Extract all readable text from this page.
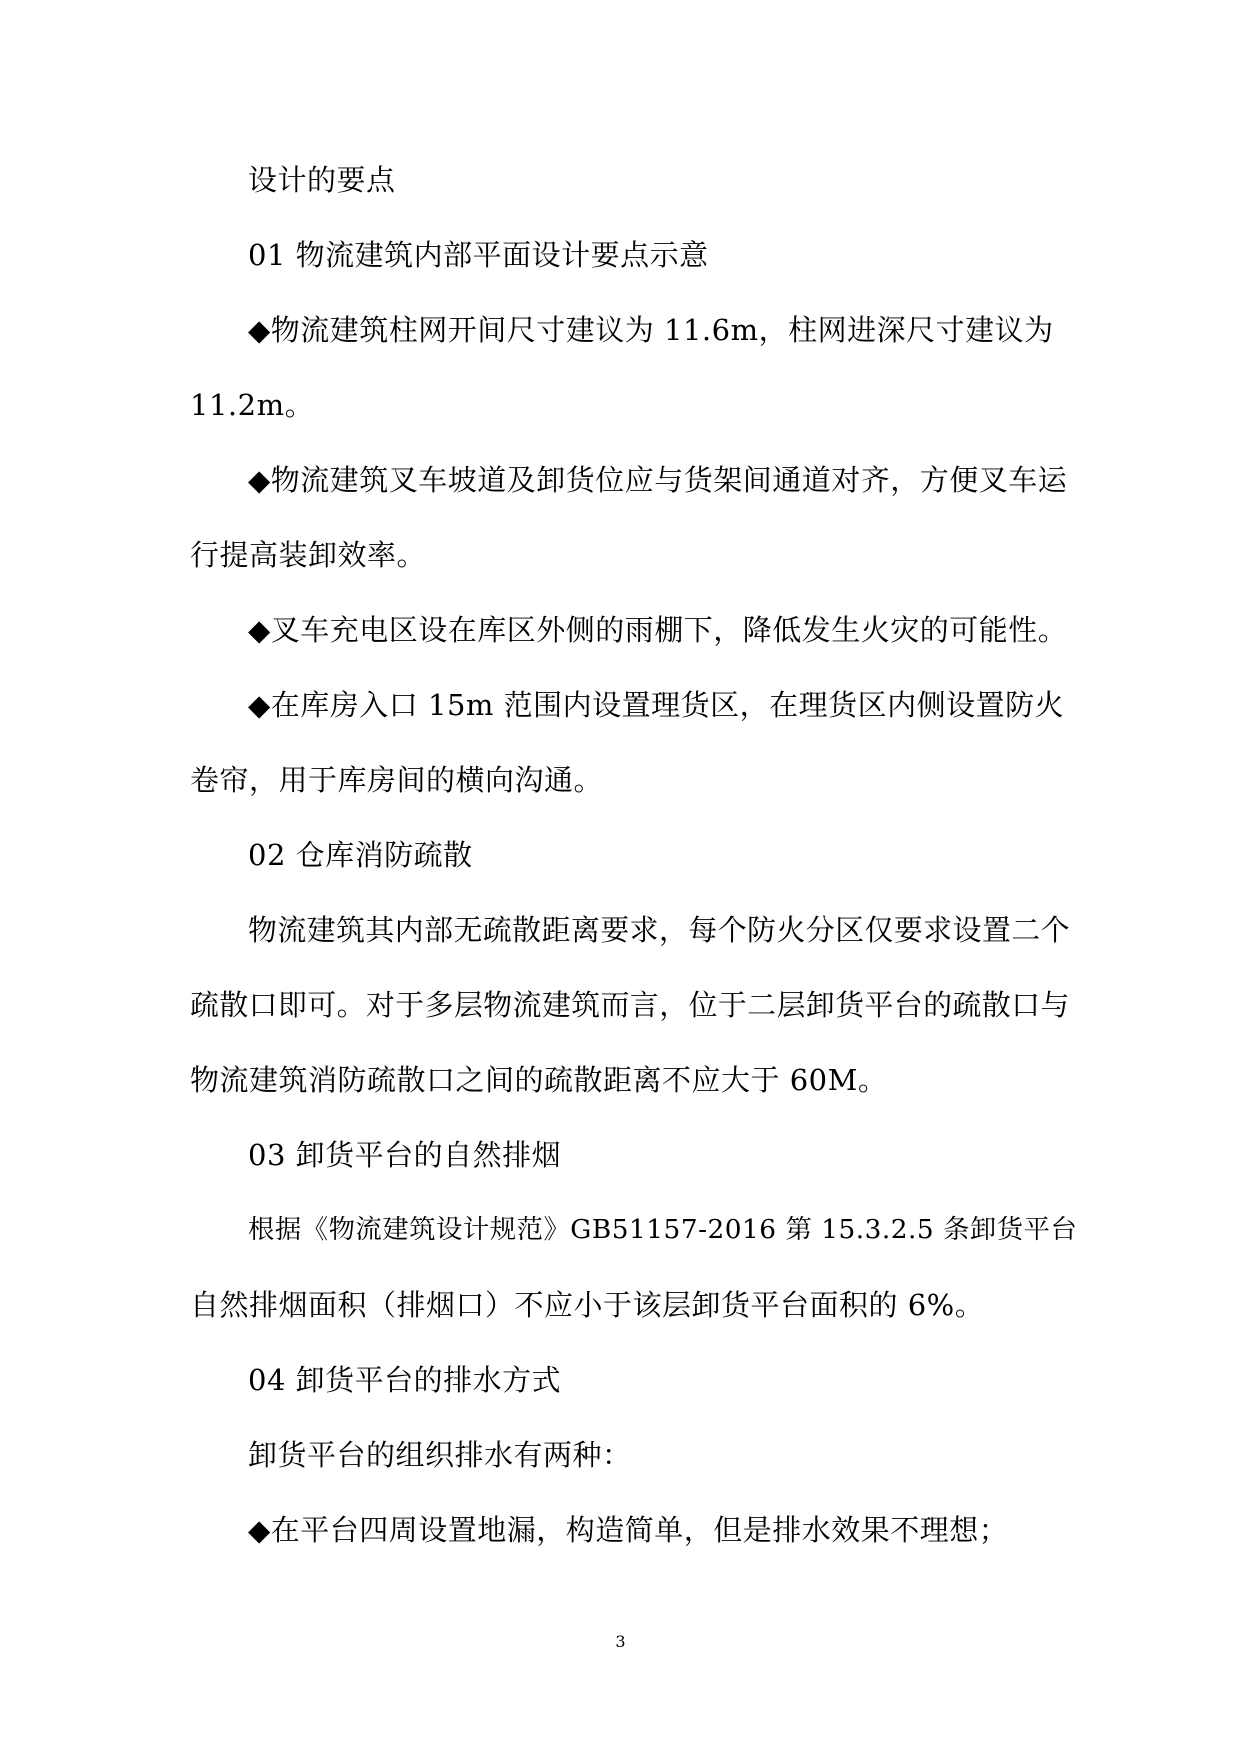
设计的要点

01 物流建筑内部平面设计要点示意

◆物流建筑柱网开间尺寸建议为 11.6m，柱网进深尺寸建议为
11.2m。

◆物流建筑叉车坡道及卸货位应与货架间通道对齐，方便叉车运
行提高装卸效率。

◆叉车充电区设在库区外侧的雨棚下，降低发生火灾的可能性。

◆在库房入口 15m 范围内设置理货区，在理货区内侧设置防火
卷帘，用于库房间的横向沟通。

02 仓库消防疏散

物流建筑其内部无疏散距离要求，每个防火分区仅要求设置二个
疏散口即可。对于多层物流建筑而言，位于二层卸货平台的疏散口与
物流建筑消防疏散口之间的疏散距离不应大于 60M。

03 卸货平台的自然排烟

根据《物流建筑设计规范》GB51157-2016 第 15.3.2.5 条卸货平台
自然排烟面积（排烟口）不应小于该层卸货平台面积的 6%。

04 卸货平台的排水方式

卸货平台的组织排水有两种：

◆在平台四周设置地漏，构造简单，但是排水效果不理想；

3
